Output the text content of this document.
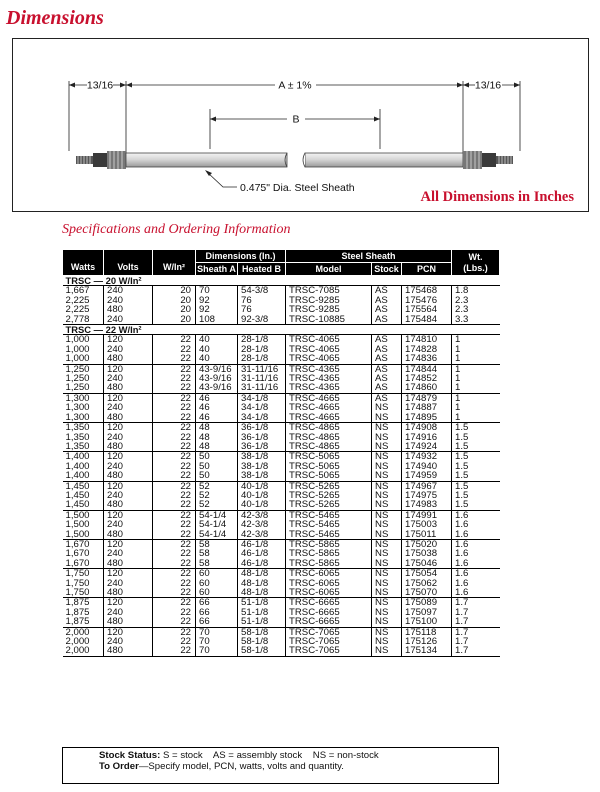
Dimensions
13/16	A ± 1%	13/16
B
0.475" Dia. Steel Sheath
All Dimensions in Inches
Specifications and Ordering Information
Watts	Volts	W/In²	Dimensions (In.)		Steel Sheath			Wt. (Lbs.)
			Sheath A	Heated B	Model	Stock	PCN	
TRSC — 20 W/In²								
1,667	240	20	70	54-3/8	TRSC-7085	AS	175468	1.8
2,225	240	20	92	76	TRSC-9285	AS	175476	2.3
2,225	480	20	92	76	TRSC-9285	AS	175564	2.3
2,778	240	20	108	92-3/8	TRSC-10885	AS	175484	3.3
TRSC — 22 W/In²								
1,000	120	22	40	28-1/8	TRSC-4065	AS	174810	1
1,000	240	22	40	28-1/8	TRSC-4065	AS	174828	1
1,000	480	22	40	28-1/8	TRSC-4065	AS	174836	1
1,250	120	22	43-9/16	31-11/16	TRSC-4365	AS	174844	1
1,250	240	22	43-9/16	31-11/16	TRSC-4365	AS	174852	1
1,250	480	22	43-9/16	31-11/16	TRSC-4365	AS	174860	1
1,300	120	22	46	34-1/8	TRSC-4665	AS	174879	1
1,300	240	22	46	34-1/8	TRSC-4665	NS	174887	1
1,300	480	22	46	34-1/8	TRSC-4665	NS	174895	1
1,350	120	22	48	36-1/8	TRSC-4865	NS	174908	1.5
1,350	240	22	48	36-1/8	TRSC-4865	NS	174916	1.5
1,350	480	22	48	36-1/8	TRSC-4865	NS	174924	1.5
1,400	120	22	50	38-1/8	TRSC-5065	NS	174932	1.5
1,400	240	22	50	38-1/8	TRSC-5065	NS	174940	1.5
1,400	480	22	50	38-1/8	TRSC-5065	NS	174959	1.5
1,450	120	22	52	40-1/8	TRSC-5265	NS	174967	1.5
1,450	240	22	52	40-1/8	TRSC-5265	NS	174975	1.5
1,450	480	22	52	40-1/8	TRSC-5265	NS	174983	1.5
1,500	120	22	54-1/4	42-3/8	TRSC-5465	NS	174991	1.6
1,500	240	22	54-1/4	42-3/8	TRSC-5465	NS	175003	1.6
1,500	480	22	54-1/4	42-3/8	TRSC-5465	NS	175011	1.6
1,670	120	22	58	46-1/8	TRSC-5865	NS	175020	1.6
1,670	240	22	58	46-1/8	TRSC-5865	NS	175038	1.6
1,670	480	22	58	46-1/8	TRSC-5865	NS	175046	1.6
1,750	120	22	60	48-1/8	TRSC-6065	NS	175054	1.6
1,750	240	22	60	48-1/8	TRSC-6065	NS	175062	1.6
1,750	480	22	60	48-1/8	TRSC-6065	NS	175070	1.6
1,875	120	22	66	51-1/8	TRSC-6665	NS	175089	1.7
1,875	240	22	66	51-1/8	TRSC-6665	NS	175097	1.7
1,875	480	22	66	51-1/8	TRSC-6665	NS	175100	1.7
2,000	120	22	70	58-1/8	TRSC-7065	NS	175118	1.7
2,000	240	22	70	58-1/8	TRSC-7065	NS	175126	1.7
2,000	480	22	70	58-1/8	TRSC-7065	NS	175134	1.7
Stock Status: S = stock    AS = assembly stock    NS = non-stock
To Order—Specify model, PCN, watts, volts and quantity.
